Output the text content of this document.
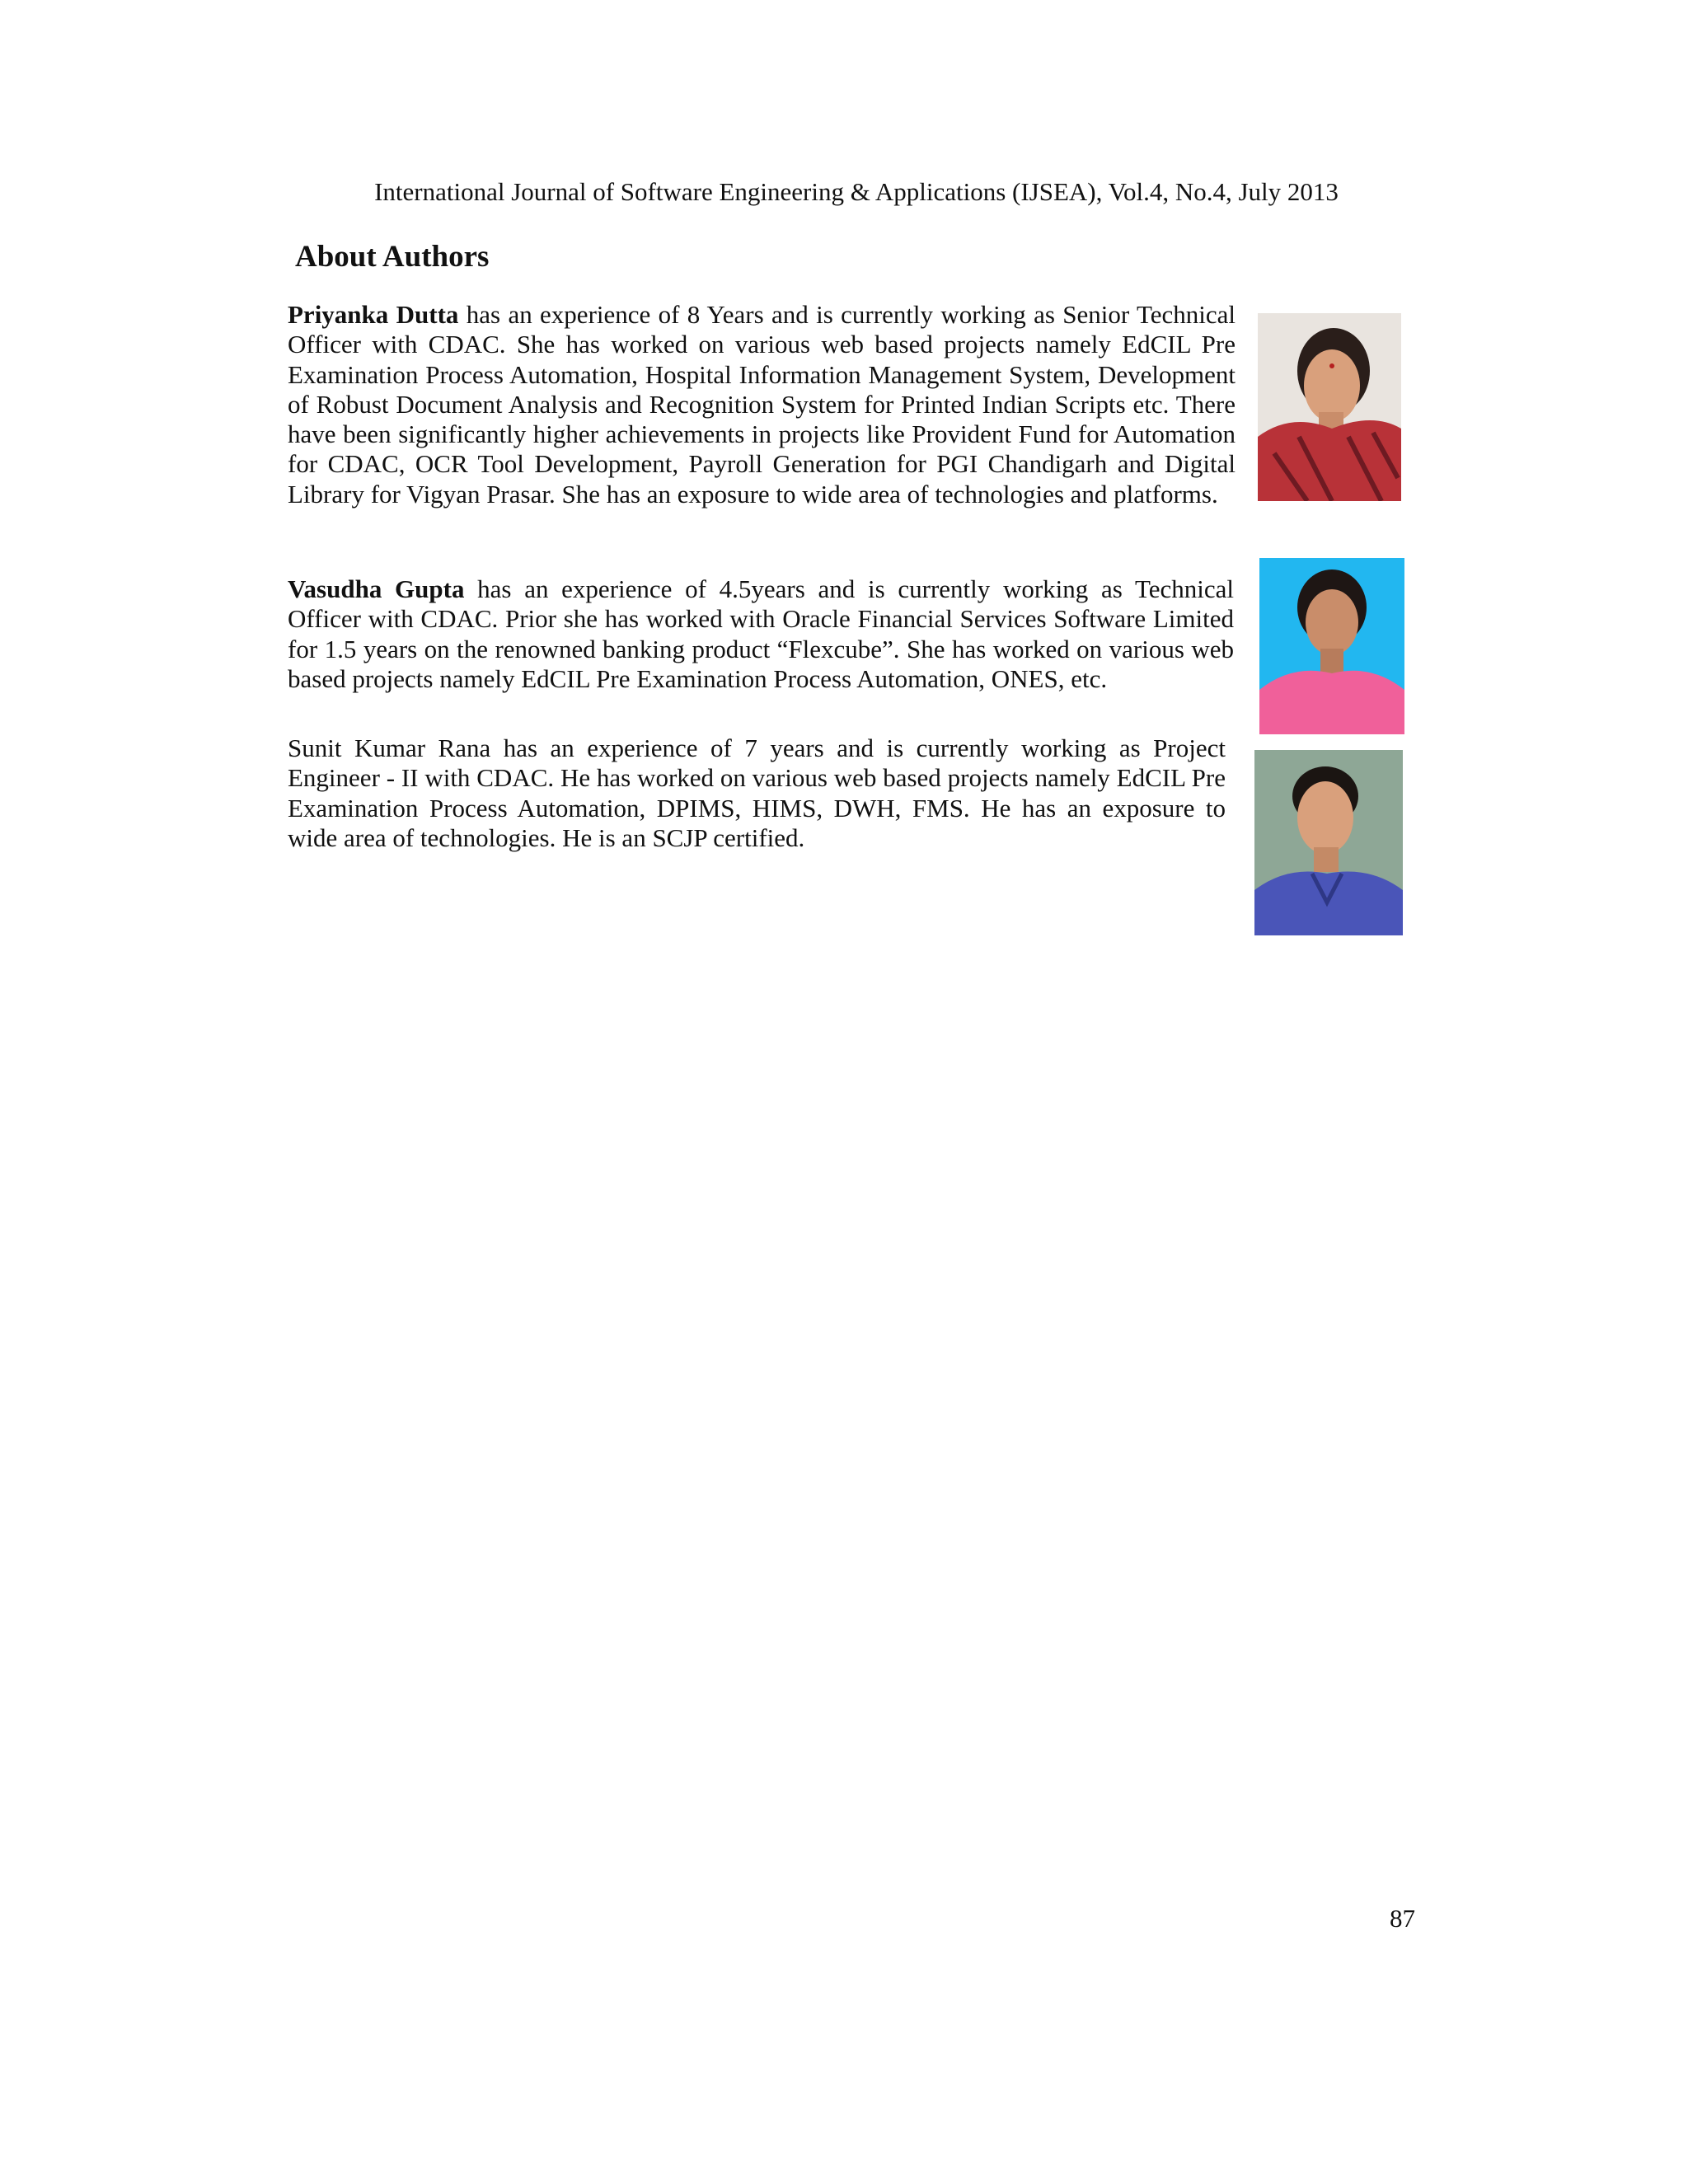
International Journal of Software Engineering & Applications (IJSEA), Vol.4, No.4, July 2013
About Authors

Priyanka Dutta has an experience of 8 Years and is currently working as Senior Technical Officer with CDAC. She has worked on various web based projects namely EdCIL Pre Examination Process Automation, Hospital Information Management System, Development of Robust Document Analysis and Recognition System for Printed Indian Scripts etc. There have been significantly higher achievements in projects like Provident Fund for Automation for CDAC, OCR Tool Development, Payroll Generation for PGI Chandigarh and Digital Library for Vigyan Prasar. She has an exposure to wide area of technologies and platforms.

Vasudha Gupta has an experience of 4.5years and is currently working as Technical Officer with CDAC. Prior she has worked with Oracle Financial Services Software Limited for 1.5 years on the renowned banking product “Flexcube”. She has worked on various web based projects namely EdCIL Pre Examination Process Automation, ONES, etc.

Sunit Kumar Rana has an experience of 7 years and is currently working as Project Engineer - II with CDAC. He has worked on various web based projects namely EdCIL Pre Examination Process Automation, DPIMS, HIMS, DWH, FMS. He has an exposure to wide area of technologies. He is an SCJP certified.

87
